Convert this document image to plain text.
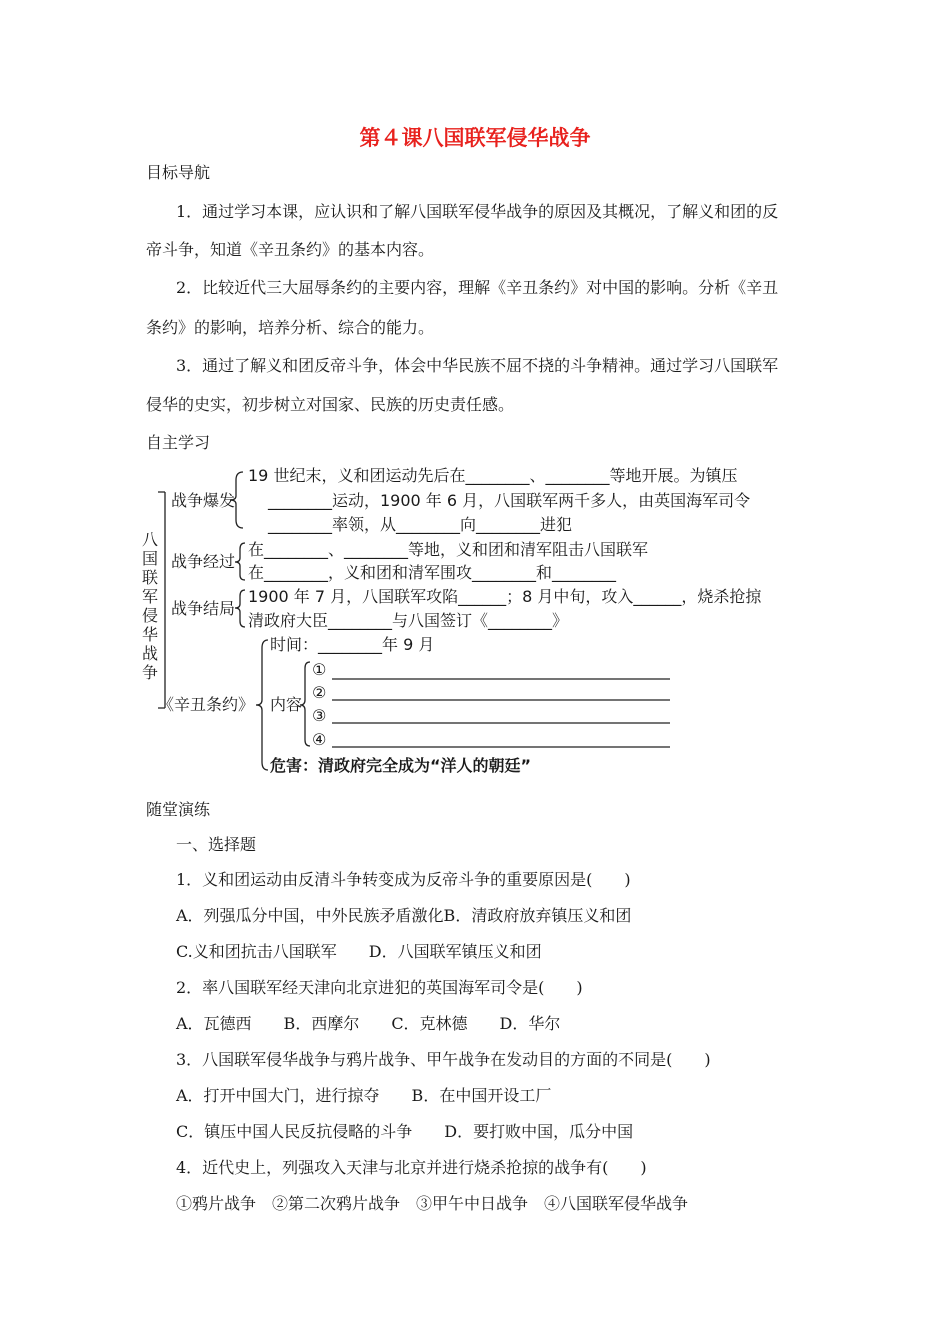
第４课八国联军侵华战争
目标导航
1．通过学习本课，应认识和了解八国联军侵华战争的原因及其概况，了解义和团的反
帝斗争，知道《辛丑条约》的基本内容。
2．比较近代三大屈辱条约的主要内容，理解《辛丑条约》对中国的影响。分析《辛丑
条约》的影响，培养分析、综合的能力。
3．通过了解义和团反帝斗争，体会中华民族不屈不挠的斗争精神。通过学习八国联军
侵华的史实，初步树立对国家、民族的历史责任感。
自主学习
八国联军侵华战争
战争爆发
19 世纪末，义和团运动先后在________、________等地开展。为镇压
________运动，1900 年 6 月，八国联军两千多人，由英国海军司令
________率领，从________向________进犯
战争经过
在________、________等地，义和团和清军阻击八国联军
在________，义和团和清军围攻________和________
战争结局
1900 年 7 月，八国联军攻陷______；8 月中旬，攻入______，烧杀抢掠
清政府大臣________与八国签订《________》
《辛丑条约》
时间：________年 9 月
内容
①
②
③
④
危害：清政府完全成为“洋人的朝廷”
随堂演练
一、选择题
1．义和团运动由反清斗争转变成为反帝斗争的重要原因是(　　)
A．列强瓜分中国，中外民族矛盾激化B．清政府放弃镇压义和团
C.义和团抗击八国联军　　D．八国联军镇压义和团
2．率八国联军经天津向北京进犯的英国海军司令是(　　)
A．瓦德西　　B．西摩尔　　C．克林德　　D．华尔
3．八国联军侵华战争与鸦片战争、甲午战争在发动目的方面的不同是(　　)
A．打开中国大门，进行掠夺　　B．在中国开设工厂
C．镇压中国人民反抗侵略的斗争　　D．要打败中国，瓜分中国
4．近代史上，列强攻入天津与北京并进行烧杀抢掠的战争有(　　)
①鸦片战争　②第二次鸦片战争　③甲午中日战争　④八国联军侵华战争
